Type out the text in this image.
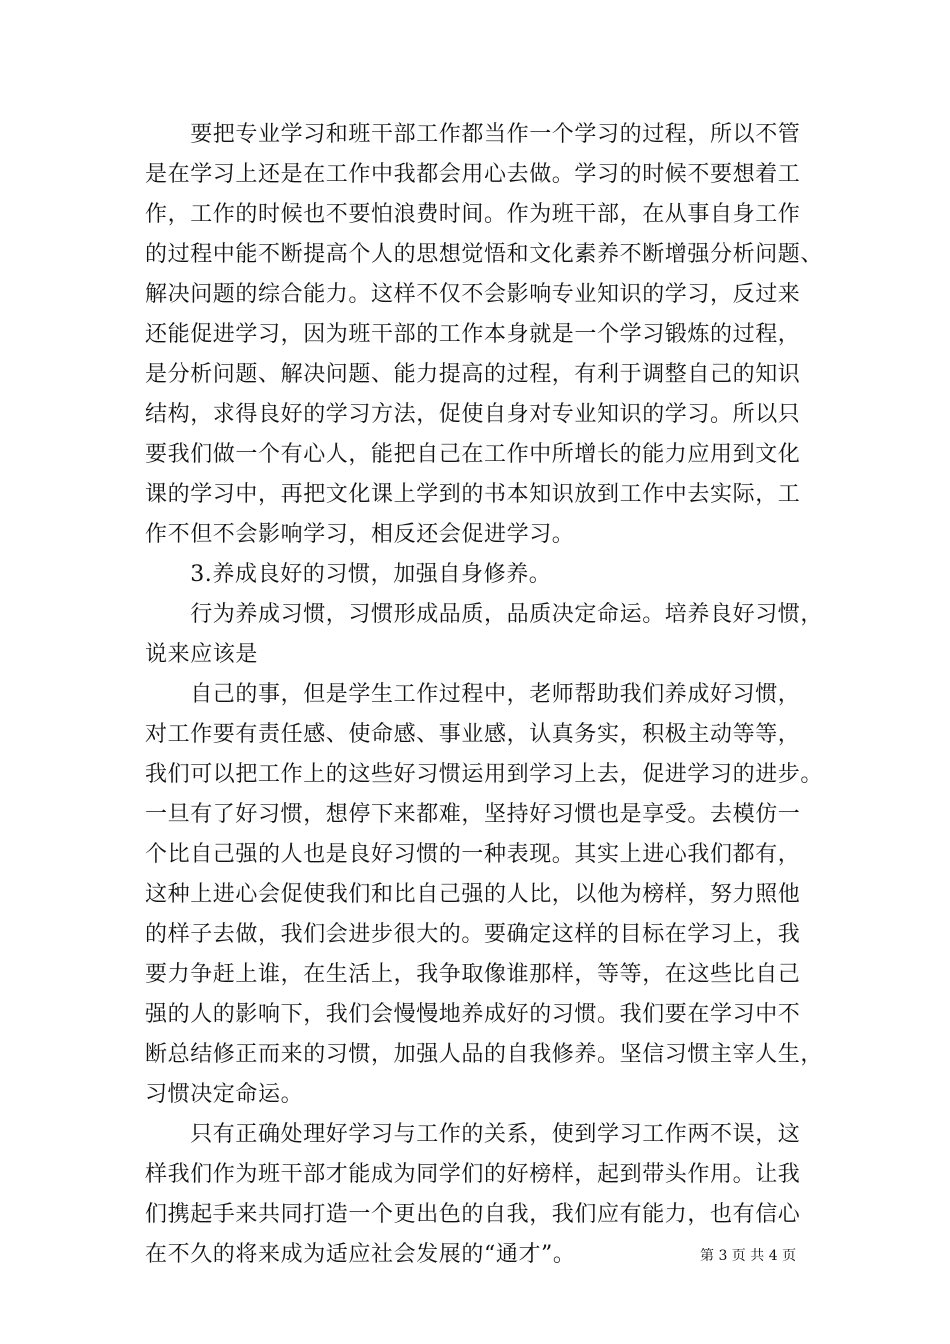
　　要把专业学习和班干部工作都当作一个学习的过程，所以不管
是在学习上还是在工作中我都会用心去做。学习的时候不要想着工
作，工作的时候也不要怕浪费时间。作为班干部，在从事自身工作
的过程中能不断提高个人的思想觉悟和文化素养不断增强分析问题、
解决问题的综合能力。这样不仅不会影响专业知识的学习，反过来
还能促进学习，因为班干部的工作本身就是一个学习锻炼的过程，
是分析问题、解决问题、能力提高的过程，有利于调整自己的知识
结构，求得良好的学习方法，促使自身对专业知识的学习。所以只
要我们做一个有心人，能把自己在工作中所增长的能力应用到文化
课的学习中，再把文化课上学到的书本知识放到工作中去实际，工
作不但不会影响学习，相反还会促进学习。
　　3.养成良好的习惯，加强自身修养。
　　行为养成习惯，习惯形成品质，品质决定命运。培养良好习惯，
说来应该是
　　自己的事，但是学生工作过程中，老师帮助我们养成好习惯，
对工作要有责任感、使命感、事业感，认真务实，积极主动等等，
我们可以把工作上的这些好习惯运用到学习上去，促进学习的进步。
一旦有了好习惯，想停下来都难，坚持好习惯也是享受。去模仿一
个比自己强的人也是良好习惯的一种表现。其实上进心我们都有，
这种上进心会促使我们和比自己强的人比，以他为榜样，努力照他
的样子去做，我们会进步很大的。要确定这样的目标在学习上，我
要力争赶上谁，在生活上，我争取像谁那样，等等，在这些比自己
强的人的影响下，我们会慢慢地养成好的习惯。我们要在学习中不
断总结修正而来的习惯，加强人品的自我修养。坚信习惯主宰人生，
习惯决定命运。
　　只有正确处理好学习与工作的关系，使到学习工作两不误，这
样我们作为班干部才能成为同学们的好榜样，起到带头作用。让我
们携起手来共同打造一个更出色的自我，我们应有能力，也有信心
在不久的将来成为适应社会发展的“通才”。	第 3 页 共 4 页
